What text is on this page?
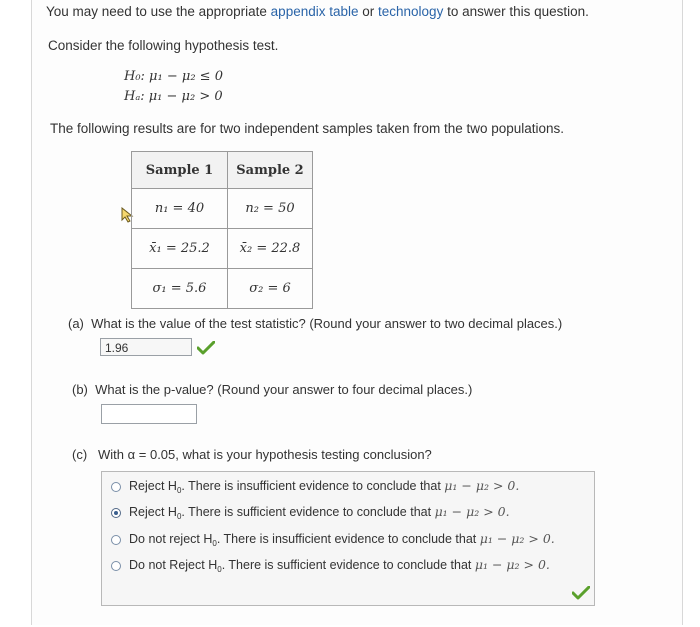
You may need to use the appropriate appendix table or technology to answer this question.
Consider the following hypothesis test.
H₀: μ₁ − μ₂ ≤ 0
Hₐ: μ₁ − μ₂ > 0
The following results are for two independent samples taken from the two populations.
Sample 1	Sample 2
n₁ = 40	n₂ = 50
x̄₁ = 25.2	x̄₂ = 22.8
σ₁ = 5.6	σ₂ = 6
(a) What is the value of the test statistic? (Round your answer to two decimal places.)
1.96
(b) What is the p-value? (Round your answer to four decimal places.)
(c) With α = 0.05, what is your hypothesis testing conclusion?
Reject $H_0$. There is insufficient evidence to conclude that μ₁ − μ₂ > 0.
Reject $H_0$. There is sufficient evidence to conclude that μ₁ − μ₂ > 0.
Do not reject $H_0$. There is insufficient evidence to conclude that μ₁ − μ₂ > 0.
Do not Reject $H_0$. There is sufficient evidence to conclude that μ₁ − μ₂ > 0.
